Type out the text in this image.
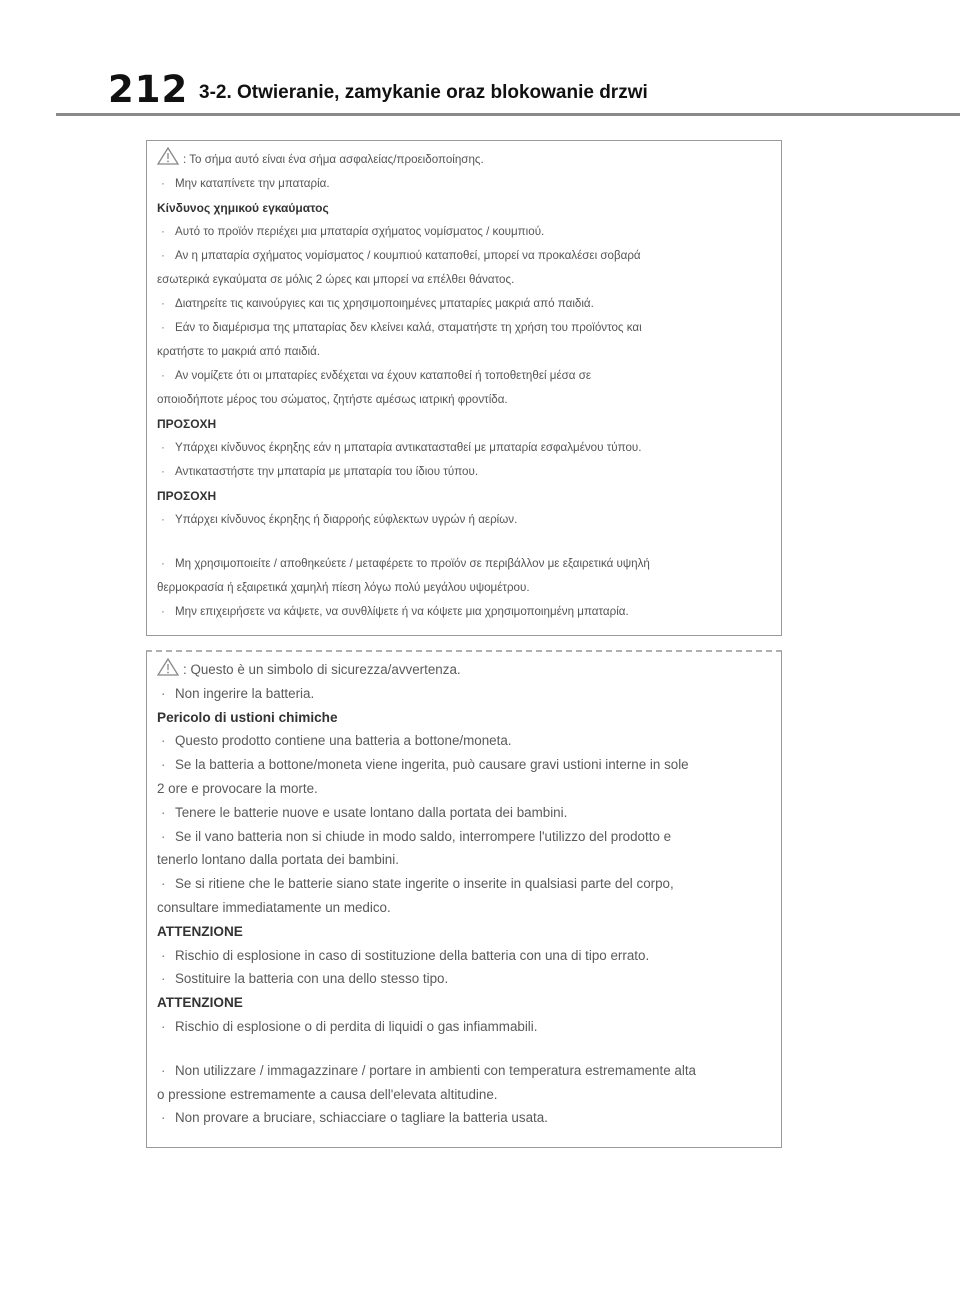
212 3-2. Otwieranie, zamykanie oraz blokowanie drzwi
: Το σήμα αυτό είναι ένα σήμα ασφαλείας/προειδοποίησης.
· Μην καταπίνετε την μπαταρία.
Κίνδυνος χημικού εγκαύματος
· Αυτό το προϊόν περιέχει μια μπαταρία σχήματος νομίσματος / κουμπιού.
· Αν η μπαταρία σχήματος νομίσματος / κουμπιού καταποθεί, μπορεί να προκαλέσει σοβαρά
εσωτερικά εγκαύματα σε μόλις 2 ώρες και μπορεί να επέλθει θάνατος.
· Διατηρείτε τις καινούργιες και τις χρησιμοποιημένες μπαταρίες μακριά από παιδιά.
· Εάν το διαμέρισμα της μπαταρίας δεν κλείνει καλά, σταματήστε τη χρήση του προϊόντος και
κρατήστε το μακριά από παιδιά.
· Αν νομίζετε ότι οι μπαταρίες ενδέχεται να έχουν καταποθεί ή τοποθετηθεί μέσα σε
οποιοδήποτε μέρος του σώματος, ζητήστε αμέσως ιατρική φροντίδα.
ΠΡΟΣΟΧΗ
· Υπάρχει κίνδυνος έκρηξης εάν η μπαταρία αντικατασταθεί με μπαταρία εσφαλμένου τύπου.
· Αντικαταστήστε την μπαταρία με μπαταρία του ίδιου τύπου.
ΠΡΟΣΟΧΗ
· Υπάρχει κίνδυνος έκρηξης ή διαρροής εύφλεκτων υγρών ή αερίων.
· Μη χρησιμοποιείτε / αποθηκεύετε / μεταφέρετε το προϊόν σε περιβάλλον με εξαιρετικά υψηλή
θερμοκρασία ή εξαιρετικά χαμηλή πίεση λόγω πολύ μεγάλου υψομέτρου.
· Μην επιχειρήσετε να κάψετε, να συνθλίψετε ή να κόψετε μια χρησιμοποιημένη μπαταρία.
: Questo è un simbolo di sicurezza/avvertenza.
· Non ingerire la batteria.
Pericolo di ustioni chimiche
· Questo prodotto contiene una batteria a bottone/moneta.
· Se la batteria a bottone/moneta viene ingerita, può causare gravi ustioni interne in sole
2 ore e provocare la morte.
· Tenere le batterie nuove e usate lontano dalla portata dei bambini.
· Se il vano batteria non si chiude in modo saldo, interrompere l'utilizzo del prodotto e
tenerlo lontano dalla portata dei bambini.
· Se si ritiene che le batterie siano state ingerite o inserite in qualsiasi parte del corpo,
consultare immediatamente un medico.
ATTENZIONE
· Rischio di esplosione in caso di sostituzione della batteria con una di tipo errato.
· Sostituire la batteria con una dello stesso tipo.
ATTENZIONE
· Rischio di esplosione o di perdita di liquidi o gas infiammabili.
· Non utilizzare / immagazzinare / portare in ambienti con temperatura estremamente alta
o pressione estremamente a causa dell'elevata altitudine.
· Non provare a bruciare, schiacciare o tagliare la batteria usata.
